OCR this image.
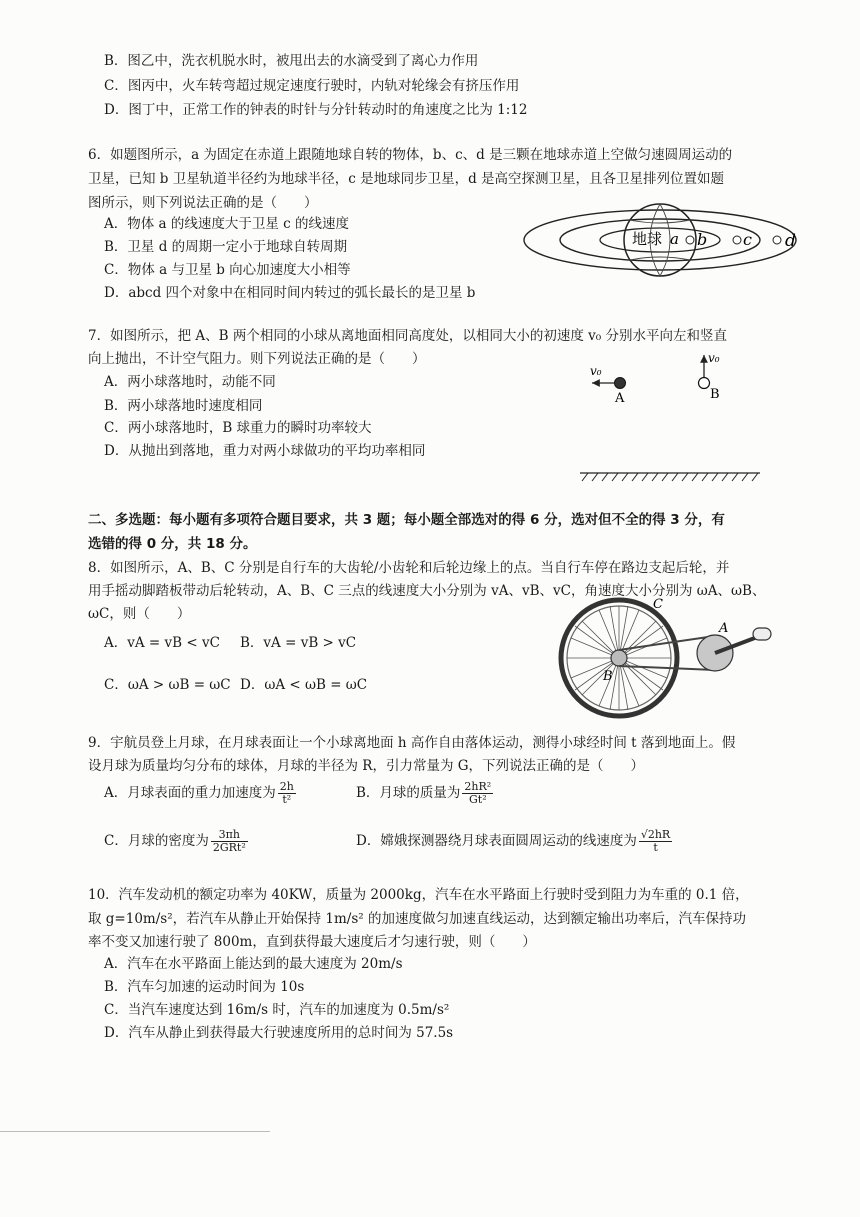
B．图乙中，洗衣机脱水时，被甩出去的水滴受到了离心力作用
C．图丙中，火车转弯超过规定速度行驶时，内轨对轮缘会有挤压作用
D．图丁中，正常工作的钟表的时针与分针转动时的角速度之比为 1:12
6．如题图所示，a 为固定在赤道上跟随地球自转的物体，b、c、d 是三颗在地球赤道上空做匀速圆周运动的
卫星，已知 b 卫星轨道半径约为地球半径，c 是地球同步卫星，d 是高空探测卫星，且各卫星排列位置如题
图所示，则下列说法正确的是（　　）
A．物体 a 的线速度大于卫星 c 的线速度
B．卫星 d 的周期一定小于地球自转周期
C．物体 a 与卫星 b 向心加速度大小相等
D．abcd 四个对象中在相同时间内转过的弧长最长的是卫星 b
地球 a b c d
7．如图所示，把 A、B 两个相同的小球从离地面相同高度处，以相同大小的初速度 v₀ 分别水平向左和竖直
向上抛出，不计空气阻力。则下列说法正确的是（　　）
A．两小球落地时，动能不同
B．两小球落地时速度相同
C．两小球落地时，B 球重力的瞬时功率较大
D．从抛出到落地，重力对两小球做功的平均功率相同
v₀
A
v₀
B
二、多选题：每小题有多项符合题目要求，共 3 题；每小题全部选对的得 6 分，选对但不全的得 3 分，有
选错的得 0 分，共 18 分。
8．如图所示，A、B、C 分别是自行车的大齿轮/小齿轮和后轮边缘上的点。当自行车停在路边支起后轮，并
用手摇动脚踏板带动后轮转动，A、B、C 三点的线速度大小分别为 vA、vB、vC，角速度大小分别为 ωA、ωB、
ωC，则（　　）
A．vA = vB < vC B．vA = vB > vC
C．ωA > ωB = ωC D．ωA < ωB = ωC
A
B
C
9．宇航员登上月球，在月球表面让一个小球离地面 h 高作自由落体运动，测得小球经时间 t 落到地面上。假
设月球为质量均匀分布的球体，月球的半径为 R，引力常量为 G，下列说法正确的是（　　）
A．月球表面的重力加速度为 $\frac{2h}{\text{t²}}$	B．月球的质量为 $\frac{\text{2hR²}}{\text{Gt²}}$
C．月球的密度为 $\frac{3\pi h}{\text{2GRt²}}$	D．嫦娥探测器绕月球表面圆周运动的线速度为 $\frac{√2hR}{t}$
10．汽车发动机的额定功率为 40KW，质量为 2000kg，汽车在水平路面上行驶时受到阻力为车重的 0.1 倍，
取 g=10m/s²，若汽车从静止开始保持 1m/s² 的加速度做匀加速直线运动，达到额定输出功率后，汽车保持功
率不变又加速行驶了 800m，直到获得最大速度后才匀速行驶，则（　　）
A．汽车在水平路面上能达到的最大速度为 20m/s
B．汽车匀加速的运动时间为 10s
C．当汽车速度达到 16m/s 时，汽车的加速度为 0.5m/s²
D．汽车从静止到获得最大行驶速度所用的总时间为 57.5s
